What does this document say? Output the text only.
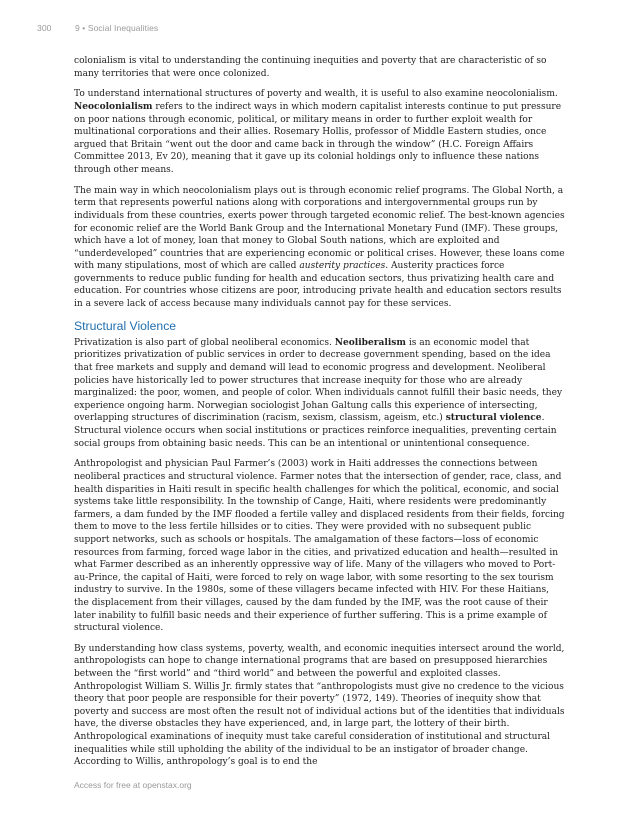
300	9 • Social Inequalities

colonialism is vital to understanding the continuing inequities and poverty that are characteristic of so many territories that were once colonized.

To understand international structures of poverty and wealth, it is useful to also examine neocolonialism. Neocolonialism refers to the indirect ways in which modern capitalist interests continue to put pressure on poor nations through economic, political, or military means in order to further exploit wealth for multinational corporations and their allies. Rosemary Hollis, professor of Middle Eastern studies, once argued that Britain “went out the door and came back in through the window” (H.C. Foreign Affairs Committee 2013, Ev 20), meaning that it gave up its colonial holdings only to influence these nations through other means.

The main way in which neocolonialism plays out is through economic relief programs. The Global North, a term that represents powerful nations along with corporations and intergovernmental groups run by individuals from these countries, exerts power through targeted economic relief. The best-known agencies for economic relief are the World Bank Group and the International Monetary Fund (IMF). These groups, which have a lot of money, loan that money to Global South nations, which are exploited and “underdeveloped” countries that are experiencing economic or political crises. However, these loans come with many stipulations, most of which are called austerity practices. Austerity practices force governments to reduce public funding for health and education sectors, thus privatizing health care and education. For countries whose citizens are poor, introducing private health and education sectors results in a severe lack of access because many individuals cannot pay for these services.

Structural Violence

Privatization is also part of global neoliberal economics. Neoliberalism is an economic model that prioritizes privatization of public services in order to decrease government spending, based on the idea that free markets and supply and demand will lead to economic progress and development. Neoliberal policies have historically led to power structures that increase inequity for those who are already marginalized: the poor, women, and people of color. When individuals cannot fulfill their basic needs, they experience ongoing harm. Norwegian sociologist Johan Galtung calls this experience of intersecting, overlapping structures of discrimination (racism, sexism, classism, ageism, etc.) structural violence. Structural violence occurs when social institutions or practices reinforce inequalities, preventing certain social groups from obtaining basic needs. This can be an intentional or unintentional consequence.

Anthropologist and physician Paul Farmer’s (2003) work in Haiti addresses the connections between neoliberal practices and structural violence. Farmer notes that the intersection of gender, race, class, and health disparities in Haiti result in specific health challenges for which the political, economic, and social systems take little responsibility. In the township of Cange, Haiti, where residents were predominantly farmers, a dam funded by the IMF flooded a fertile valley and displaced residents from their fields, forcing them to move to the less fertile hillsides or to cities. They were provided with no subsequent public support networks, such as schools or hospitals. The amalgamation of these factors—loss of economic resources from farming, forced wage labor in the cities, and privatized education and health—resulted in what Farmer described as an inherently oppressive way of life. Many of the villagers who moved to Port-au-Prince, the capital of Haiti, were forced to rely on wage labor, with some resorting to the sex tourism industry to survive. In the 1980s, some of these villagers became infected with HIV. For these Haitians, the displacement from their villages, caused by the dam funded by the IMF, was the root cause of their later inability to fulfill basic needs and their experience of further suffering. This is a prime example of structural violence.

By understanding how class systems, poverty, wealth, and economic inequities intersect around the world, anthropologists can hope to change international programs that are based on presupposed hierarchies between the “first world” and “third world” and between the powerful and exploited classes. Anthropologist William S. Willis Jr. firmly states that “anthropologists must give no credence to the vicious theory that poor people are responsible for their poverty” (1972, 149). Theories of inequity show that poverty and success are most often the result not of individual actions but of the identities that individuals have, the diverse obstacles they have experienced, and, in large part, the lottery of their birth. Anthropological examinations of inequity must take careful consideration of institutional and structural inequalities while still upholding the ability of the individual to be an instigator of broader change. According to Willis, anthropology’s goal is to end the

Access for free at openstax.org
